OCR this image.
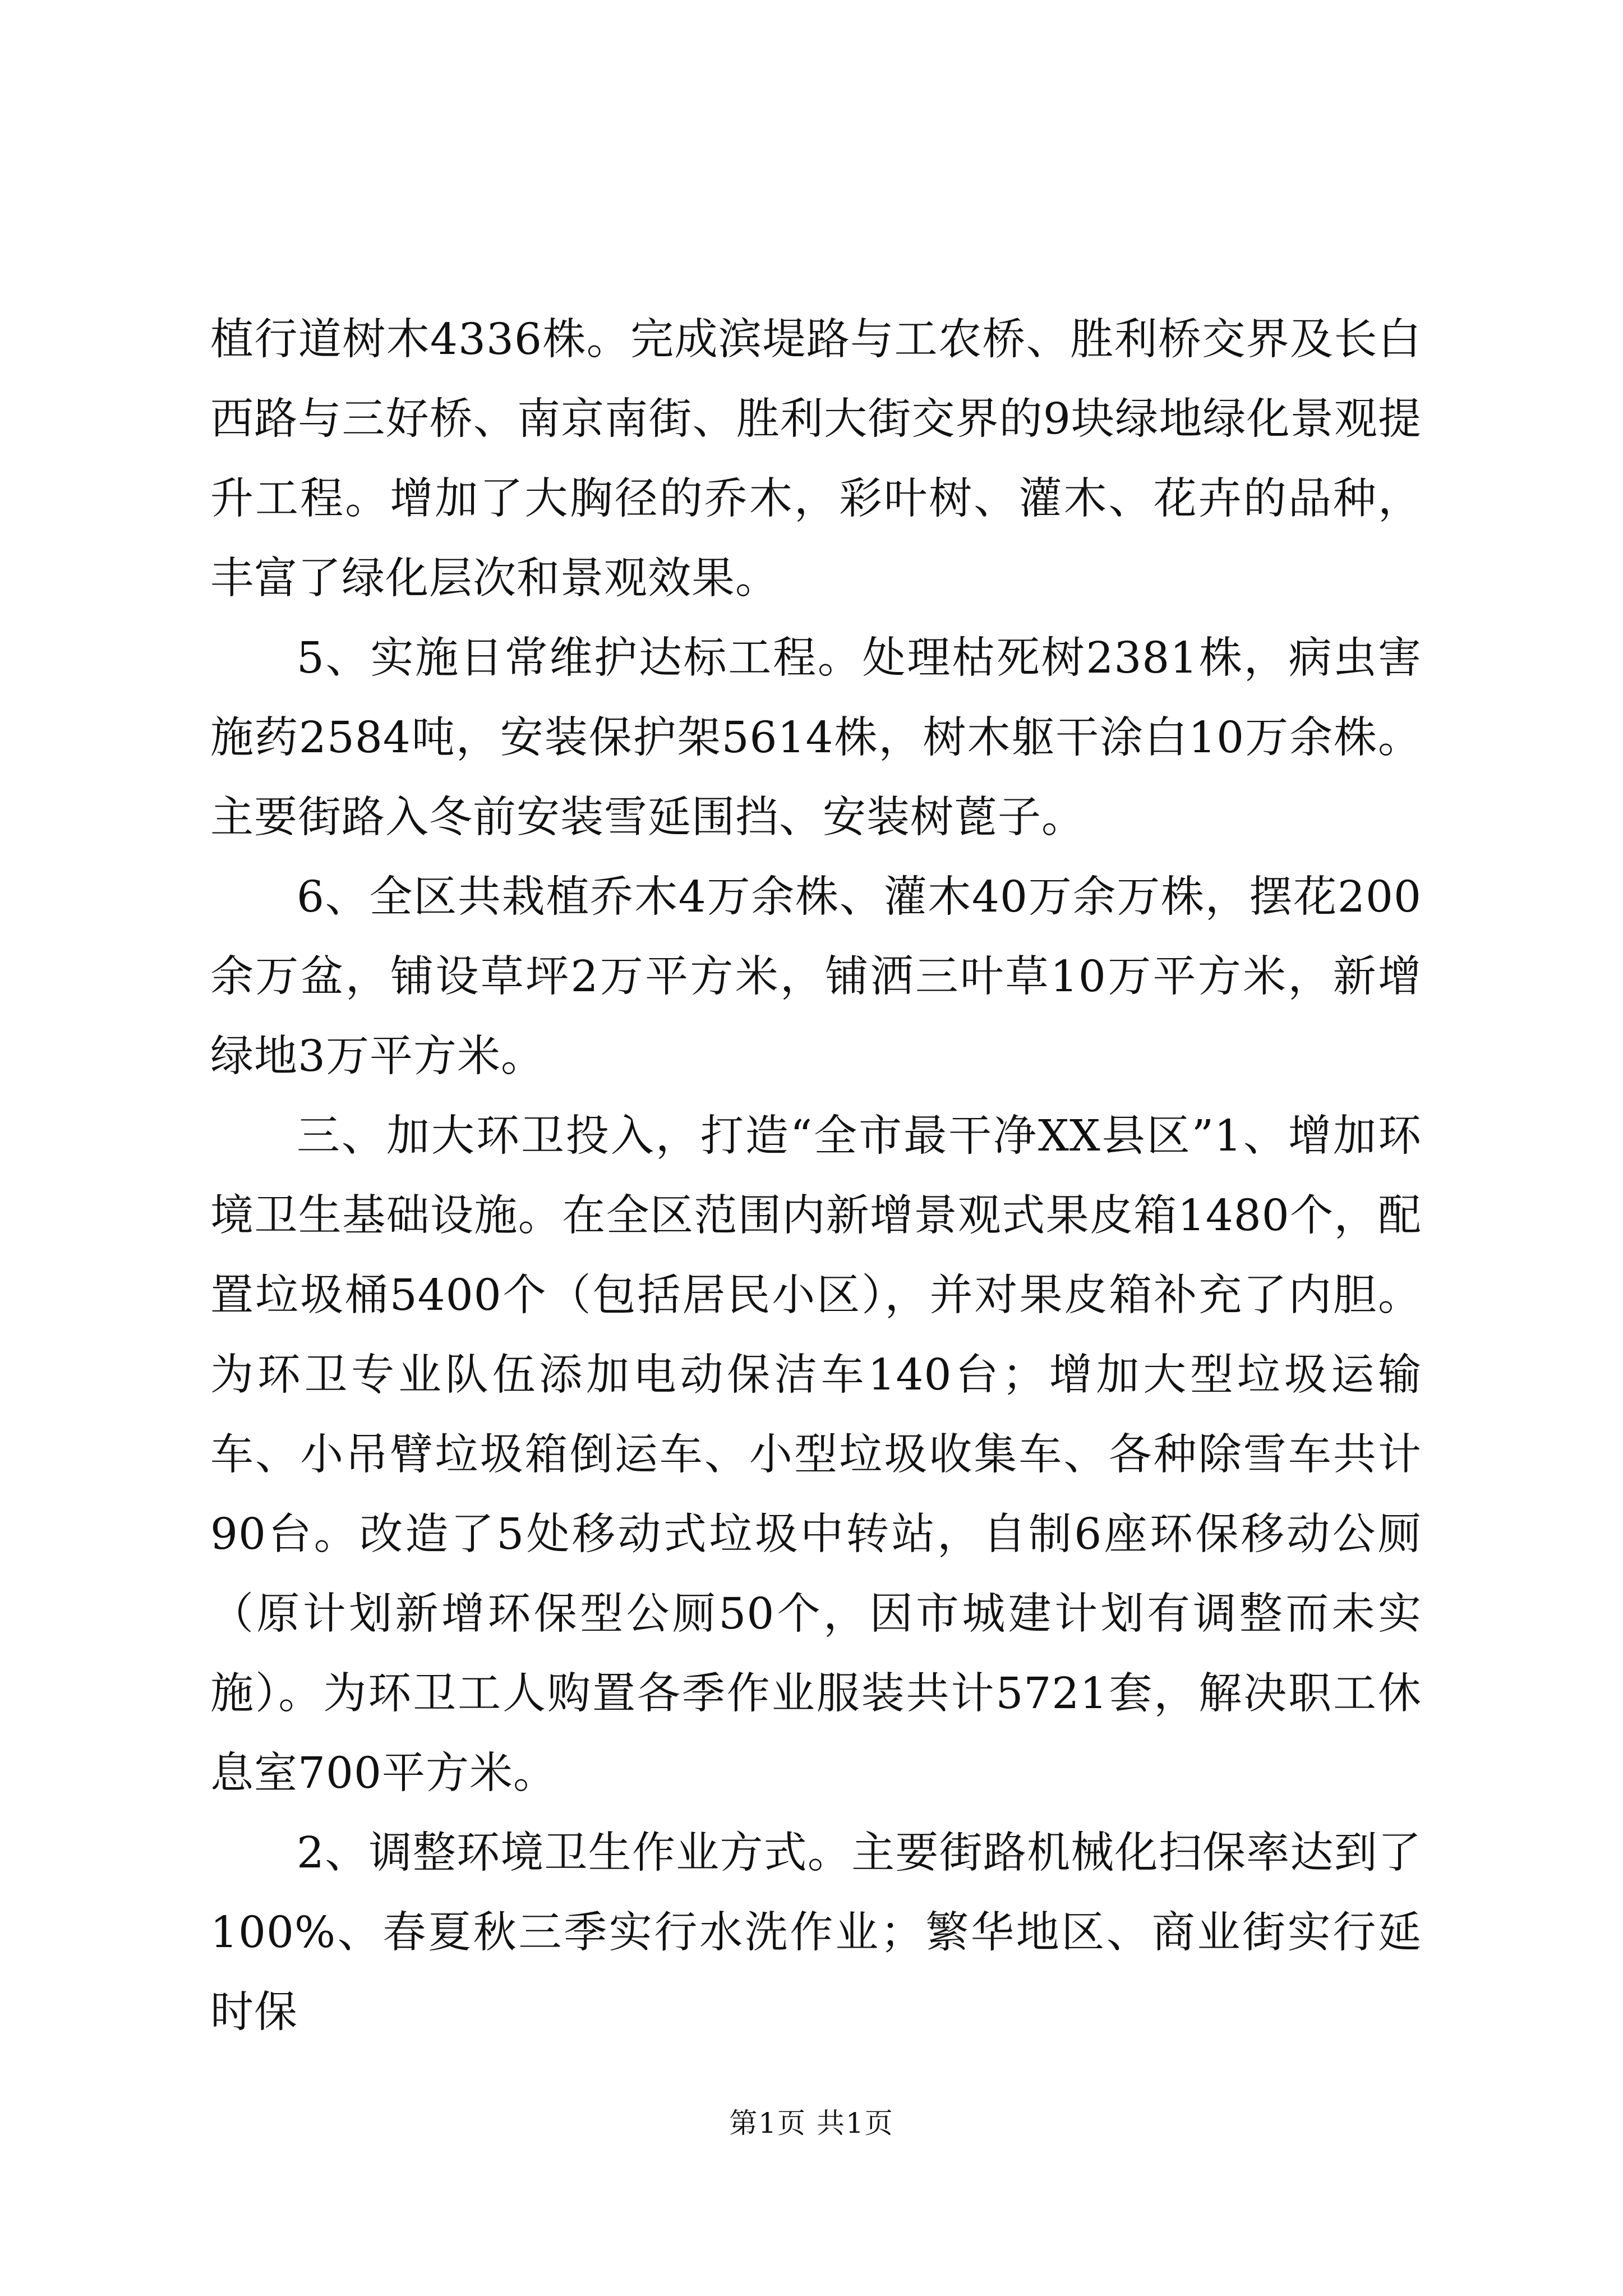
植行道树木4336株。完成滨堤路与工农桥、胜利桥交界及长白西路与三好桥、南京南街、胜利大街交界的9块绿地绿化景观提升工程。增加了大胸径的乔木，彩叶树、灌木、花卉的品种，丰富了绿化层次和景观效果。

5、实施日常维护达标工程。处理枯死树2381株，病虫害施药2584吨，安装保护架5614株，树木躯干涂白10万余株。主要街路入冬前安装雪延围挡、安装树蓖子。

6、全区共栽植乔木4万余株、灌木40万余万株，摆花200余万盆，铺设草坪2万平方米，铺洒三叶草10万平方米，新增绿地3万平方米。

三、加大环卫投入，打造“全市最干净XX县区”1、增加环境卫生基础设施。在全区范围内新增景观式果皮箱1480个，配置垃圾桶5400个（包括居民小区），并对果皮箱补充了内胆。为环卫专业队伍添加电动保洁车140台；增加大型垃圾运输车、小吊臂垃圾箱倒运车、小型垃圾收集车、各种除雪车共计90台。改造了5处移动式垃圾中转站，自制6座环保移动公厕（原计划新增环保型公厕50个，因市城建计划有调整而未实施）。为环卫工人购置各季作业服装共计5721套，解决职工休息室700平方米。

2、调整环境卫生作业方式。主要街路机械化扫保率达到了100%、春夏秋三季实行水洗作业；繁华地区、商业街实行延时保

第1页 共1页
